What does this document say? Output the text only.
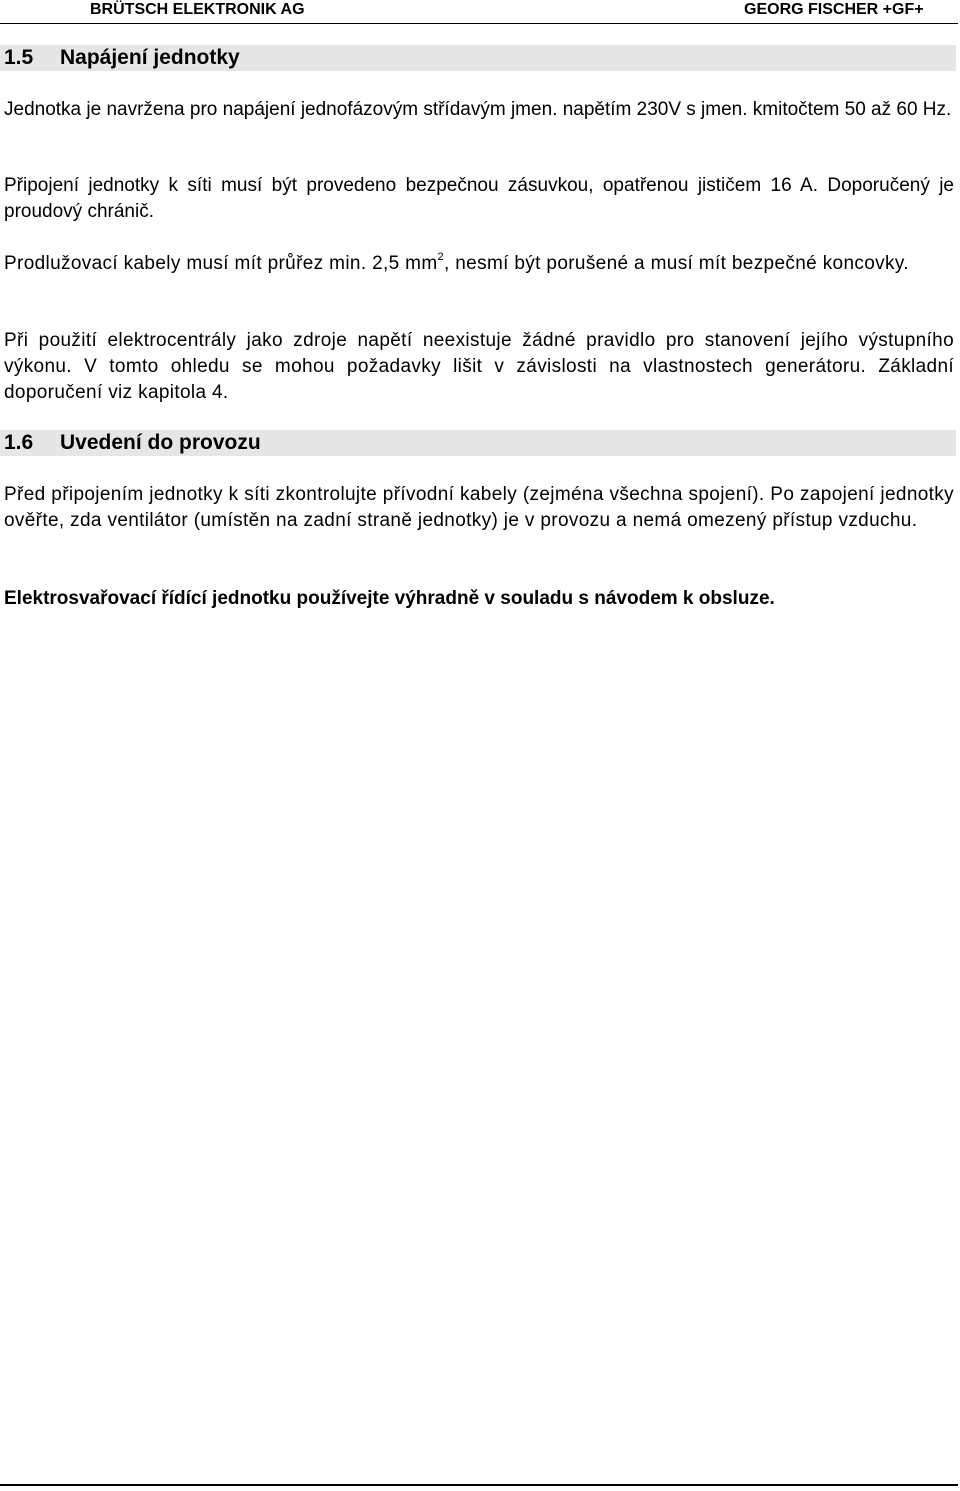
BRÜTSCH ELEKTRONIK AG	GEORG FISCHER +GF+
1.5 Napájení jednotky

Jednotka je navržena pro napájení jednofázovým střídavým jmen. napětím 230V s jmen. kmitočtem 50 až 60 Hz.

Připojení jednotky k síti musí být provedeno bezpečnou zásuvkou, opatřenou jističem 16 A. Doporučený je proudový chránič.

Prodlužovací kabely musí mít průřez min. 2,5 $mm^2$, nesmí být porušené a musí mít bezpečné koncovky.

Při použití elektrocentrály jako zdroje napětí neexistuje žádné pravidlo pro stanovení jejího výstupního výkonu. V tomto ohledu se mohou požadavky lišit v závislosti na vlastnostech generátoru. Základní doporučení viz kapitola 4.

1.6 Uvedení do provozu

Před připojením jednotky k síti zkontrolujte přívodní kabely (zejména všechna spojení). Po zapojení jednotky ověřte, zda ventilátor (umístěn na zadní straně jednotky) je v provozu a nemá omezený přístup vzduchu.

Elektrosvařovací řídící jednotku používejte výhradně v souladu s návodem k obsluze.
